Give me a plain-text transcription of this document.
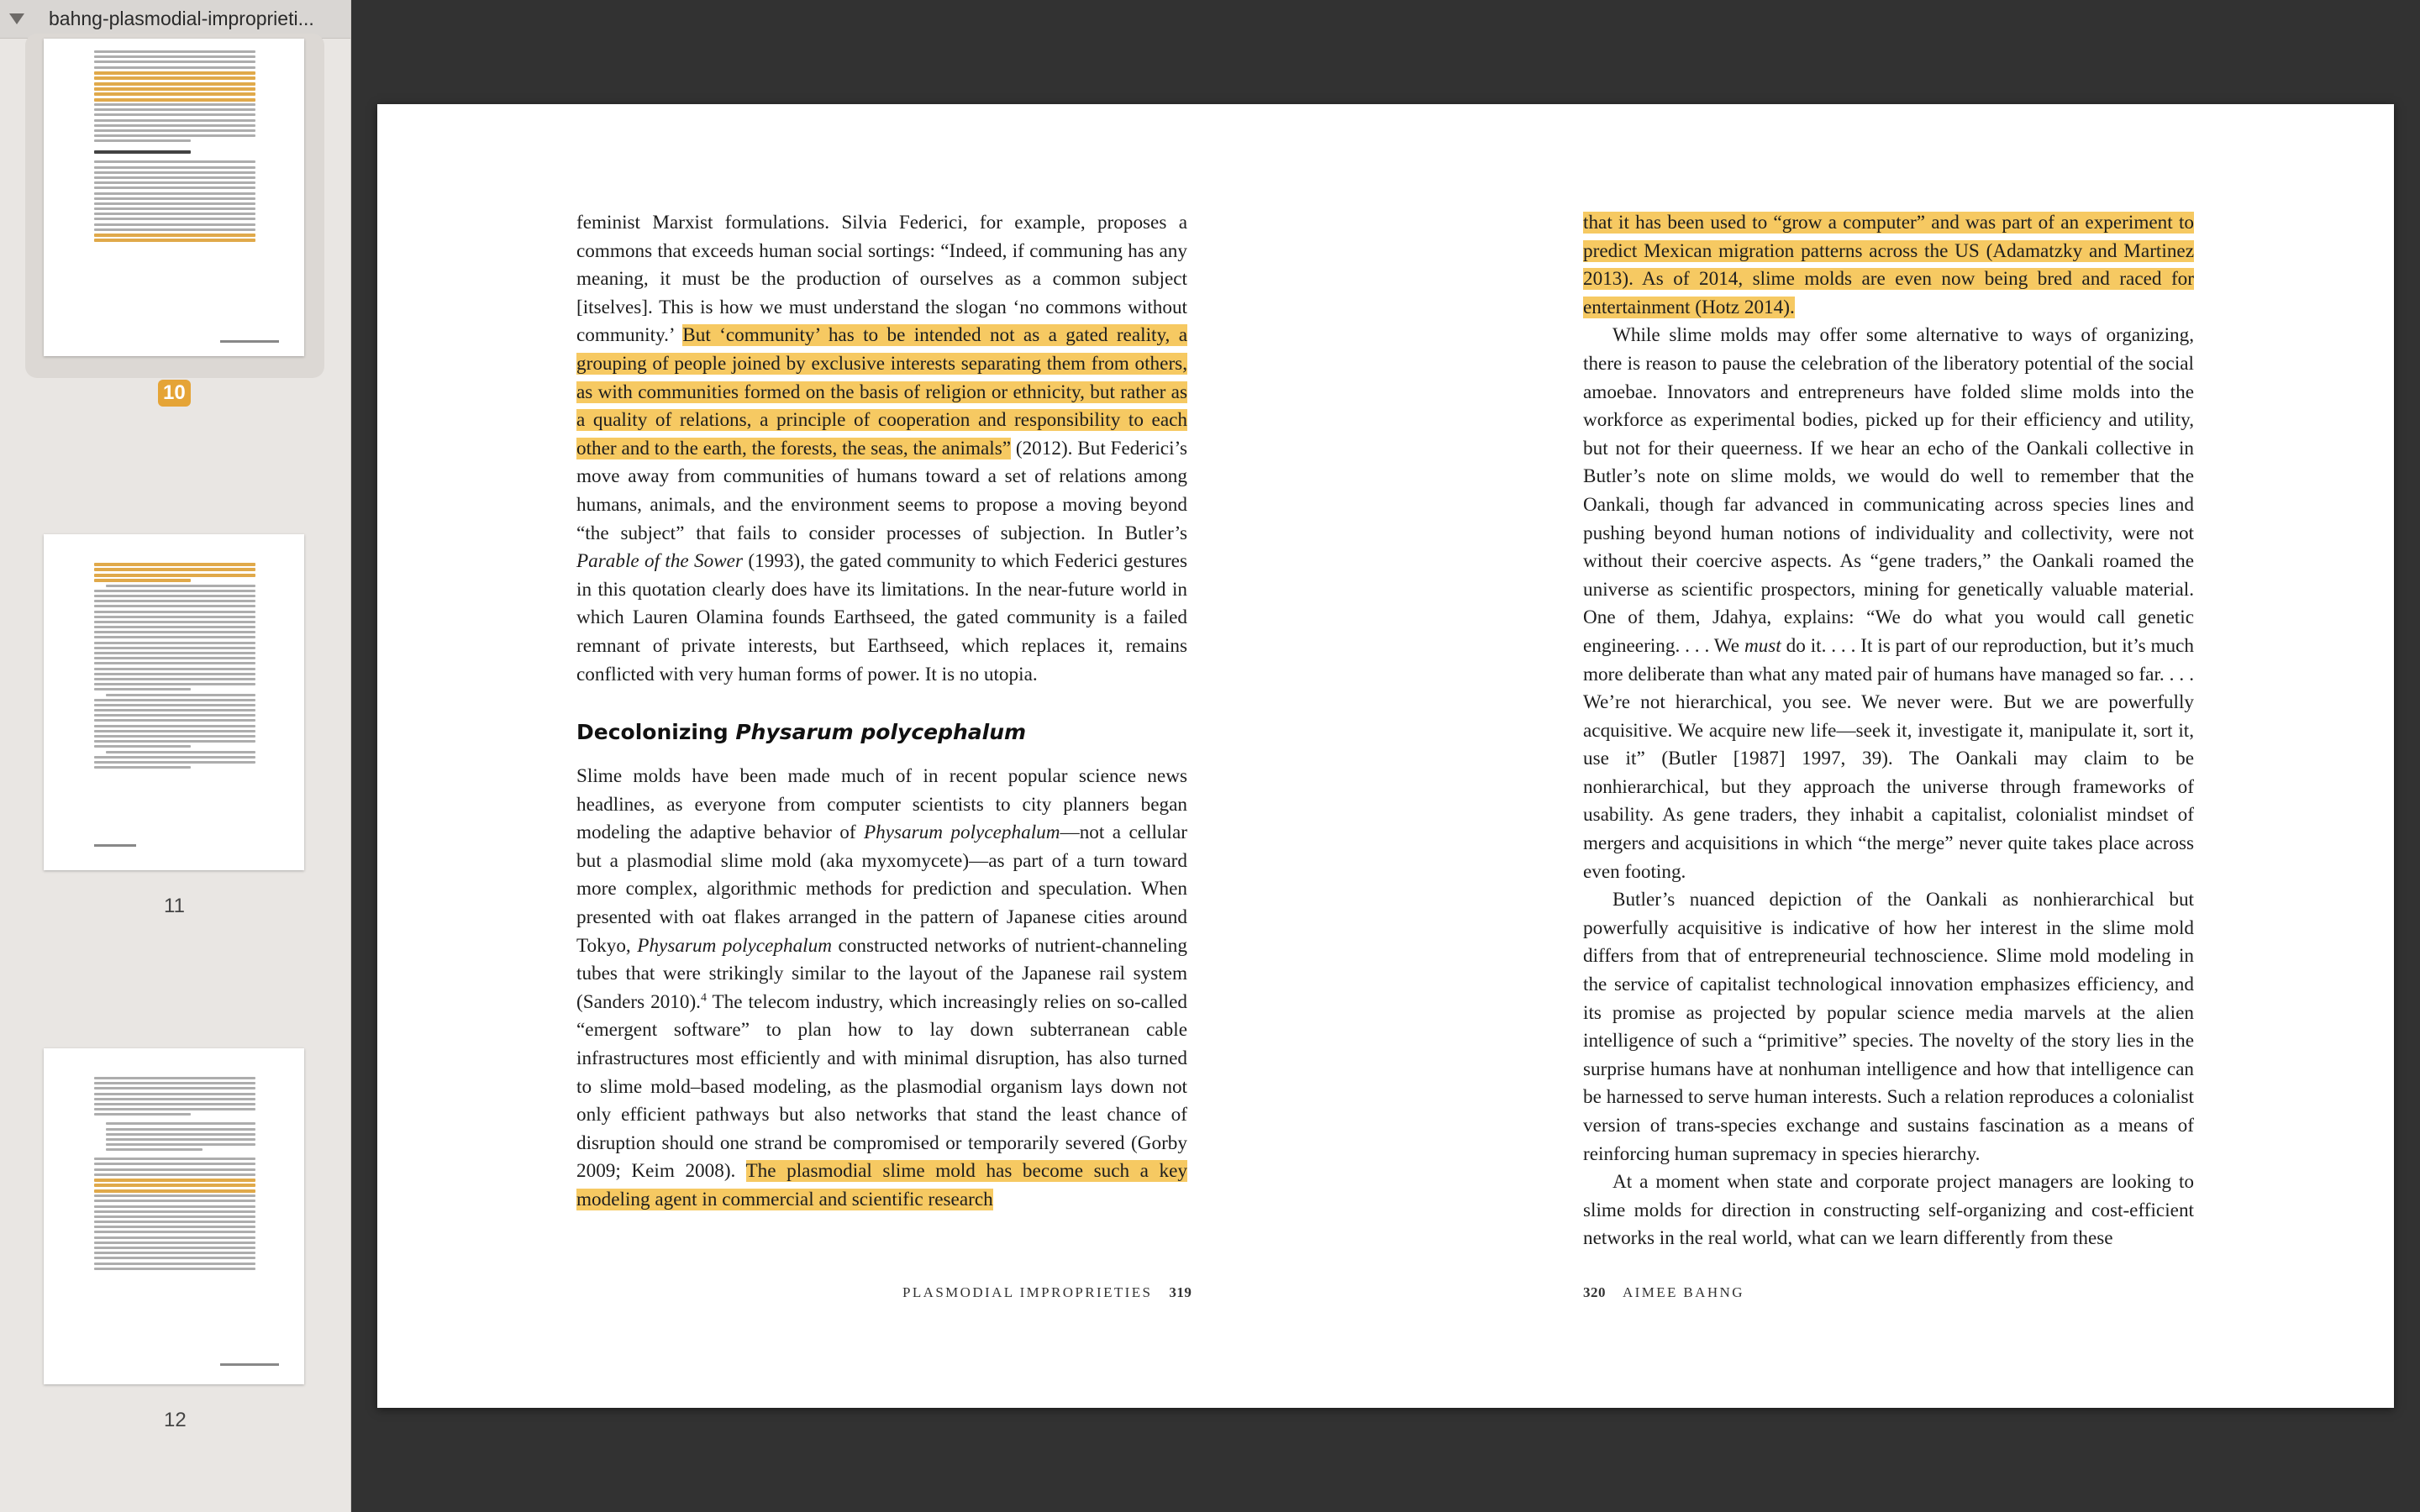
bahng-plasmodial-improprieti...
10
11
12

feminist Marxist formulations. Silvia Federici, for example, proposes a commons that exceeds human social sortings: “Indeed, if communing has any meaning, it must be the production of ourselves as a common subject [itselves]. This is how we must understand the slogan ‘no commons without community.’ But ‘community’ has to be intended not as a gated reality, a grouping of people joined by exclusive interests separating them from others, as with communities formed on the basis of religion or ethnicity, but rather as a quality of relations, a principle of cooperation and responsibility to each other and to the earth, the forests, the seas, the animals” (2012). But Federici’s move away from communities of humans toward a set of relations among humans, animals, and the environment seems to propose a moving beyond “the subject” that fails to consider processes of subjection. In Butler’s Parable of the Sower (1993), the gated community to which Federici gestures in this quotation clearly does have its limitations. In the near-future world in which Lauren Olamina founds Earthseed, the gated community is a failed remnant of private interests, but Earthseed, which replaces it, remains conflicted with very human forms of power. It is no utopia.

Decolonizing Physarum polycephalum

Slime molds have been made much of in recent popular science news headlines, as everyone from computer scientists to city planners began modeling the adaptive behavior of Physarum polycephalum—not a cellular but a plasmodial slime mold (aka myxomycete)—as part of a turn toward more complex, algorithmic methods for prediction and speculation. When presented with oat flakes arranged in the pattern of Japanese cities around Tokyo, Physarum polycephalum constructed networks of nutrient-channeling tubes that were strikingly similar to the layout of the Japanese rail system (Sanders 2010).$^4$ The telecom industry, which increasingly relies on so-called “emergent software” to plan how to lay down subterranean cable infrastructures most efficiently and with minimal disruption, has also turned to slime mold–based modeling, as the plasmodial organism lays down not only efficient pathways but also networks that stand the least chance of disruption should one strand be compromised or temporarily severed (Gorby 2009; Keim 2008). The plasmodial slime mold has become such a key modeling agent in commercial and scientific research

PLASMODIAL IMPROPRIETIES 319

that it has been used to “grow a computer” and was part of an experiment to predict Mexican migration patterns across the US (Adamatzky and Martinez 2013). As of 2014, slime molds are even now being bred and raced for entertainment (Hotz 2014).

While slime molds may offer some alternative to ways of organizing, there is reason to pause the celebration of the liberatory potential of the social amoebae. Innovators and entrepreneurs have folded slime molds into the workforce as experimental bodies, picked up for their efficiency and utility, but not for their queerness. If we hear an echo of the Oankali collective in Butler’s note on slime molds, we would do well to remember that the Oankali, though far advanced in communicating across species lines and pushing beyond human notions of individuality and collectivity, were not without their coercive aspects. As “gene traders,” the Oankali roamed the universe as scientific prospectors, mining for genetically valuable material. One of them, Jdahya, explains: “We do what you would call genetic engineering. . . . We must do it. . . . It is part of our reproduction, but it’s much more deliberate than what any mated pair of humans have managed so far. . . . We’re not hierarchical, you see. We never were. But we are powerfully acquisitive. We acquire new life—seek it, investigate it, manipulate it, sort it, use it” (Butler [1987] 1997, 39). The Oankali may claim to be nonhierarchical, but they approach the universe through frameworks of usability. As gene traders, they inhabit a capitalist, colonialist mindset of mergers and acquisitions in which “the merge” never quite takes place across even footing.

Butler’s nuanced depiction of the Oankali as nonhierarchical but powerfully acquisitive is indicative of how her interest in the slime mold differs from that of entrepreneurial technoscience. Slime mold modeling in the service of capitalist technological innovation emphasizes efficiency, and its promise as projected by popular science media marvels at the alien intelligence of such a “primitive” species. The novelty of the story lies in the surprise humans have at nonhuman intelligence and how that intelligence can be harnessed to serve human interests. Such a relation reproduces a colonialist version of trans-species exchange and sustains fascination as a means of reinforcing human supremacy in species hierarchy.

At a moment when state and corporate project managers are looking to slime molds for direction in constructing self-organizing and cost-efficient networks in the real world, what can we learn differently from these

320 AIMEE BAHNG
